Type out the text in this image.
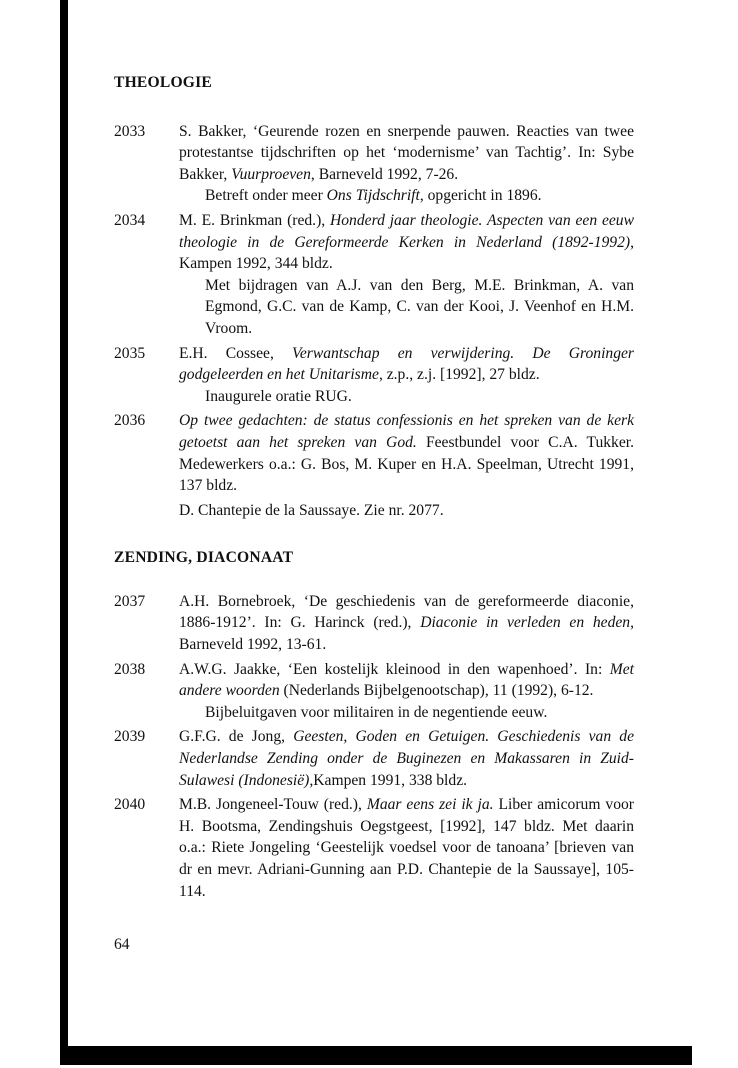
THEOLOGIE
2033	S. Bakker, ‘Geurende rozen en snerpende pauwen. Reacties van twee protestantse tijdschriften op het ‘modernisme’ van Tachtig’. In: Sybe Bakker, Vuurproeven, Barneveld 1992, 7-26.

Betreft onder meer Ons Tijdschrift, opgericht in 1896.

2034	M. E. Brinkman (red.), Honderd jaar theologie. Aspecten van een eeuw theologie in de Gereformeerde Kerken in Nederland (1892-1992), Kampen 1992, 344 bldz.

Met bijdragen van A.J. van den Berg, M.E. Brinkman, A. van Egmond, G.C. van de Kamp, C. van der Kooi, J. Veenhof en H.M. Vroom.

2035	E.H. Cossee, Verwantschap en verwijdering. De Groninger godgeleerden en het Unitarisme, z.p., z.j. [1992], 27 bldz.

Inaugurele oratie RUG.

2036	Op twee gedachten: de status confessionis en het spreken van de kerk getoetst aan het spreken van God. Feestbundel voor C.A. Tukker. Medewerkers o.a.: G. Bos, M. Kuper en H.A. Speelman, Utrecht 1991, 137 bldz.

D. Chantepie de la Saussaye. Zie nr. 2077.

ZENDING, DIACONAAT
2037	A.H. Bornebroek, ‘De geschiedenis van de gereformeerde diaconie, 1886-1912’. In: G. Harinck (red.), Diaconie in verleden en heden, Barneveld 1992, 13-61.

2038	A.W.G. Jaakke, ‘Een kostelijk kleinood in den wapenhoed’. In: Met andere woorden (Nederlands Bijbelgenootschap), 11 (1992), 6-12.

Bijbeluitgaven voor militairen in de negentiende eeuw.

2039	G.F.G. de Jong, Geesten, Goden en Getuigen. Geschiedenis van de Nederlandse Zending onder de Buginezen en Makassaren in Zuid-Sulawesi (Indonesië),Kampen 1991, 338 bldz.

2040	M.B. Jongeneel-Touw (red.), Maar eens zei ik ja. Liber amicorum voor H. Bootsma, Zendingshuis Oegstgeest, [1992], 147 bldz. Met daarin o.a.: Riete Jongeling ‘Geestelijk voedsel voor de tanoana’ [brieven van dr en mevr. Adriani-Gunning aan P.D. Chantepie de la Saussaye], 105-114.

64
